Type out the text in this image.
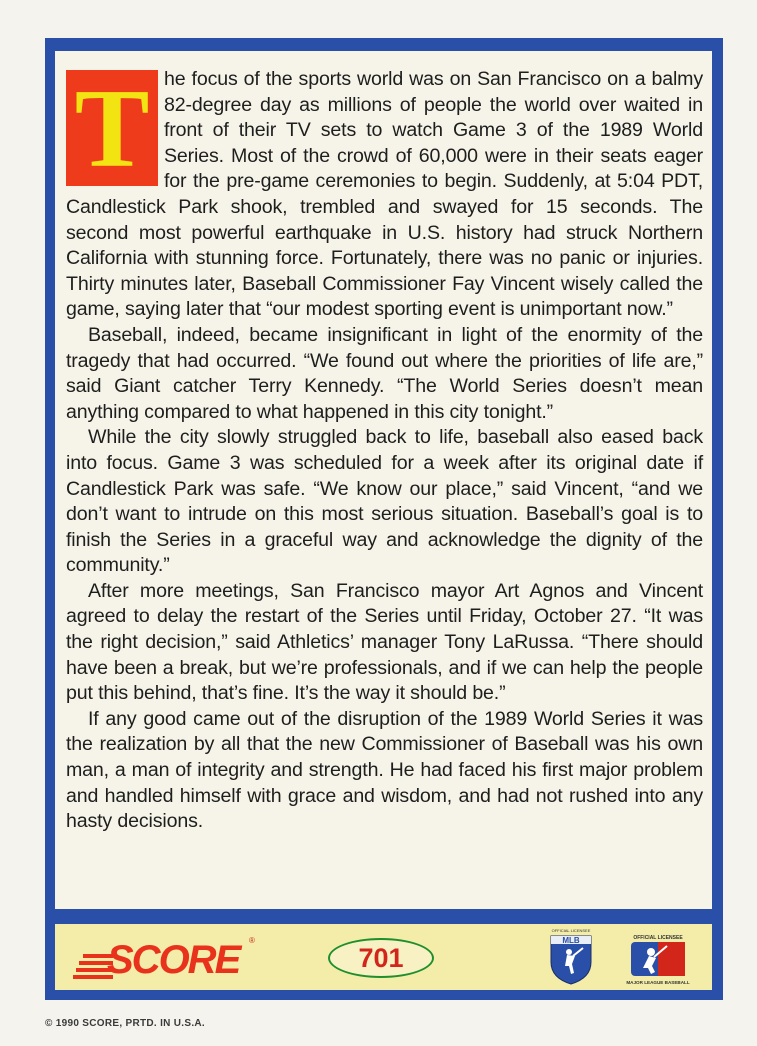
T he focus of the sports world was on San Francisco on a balmy 82-degree day as millions of people the world over waited in front of their TV sets to watch Game 3 of the 1989 World Series. Most of the crowd of 60,000 were in their seats eager for the pre-game ceremonies to begin. Suddenly, at 5:04 PDT, Candlestick Park shook, trembled and swayed for 15 seconds. The second most powerful earthquake in U.S. history had struck Northern California with stunning force. Fortunately, there was no panic or injuries. Thirty minutes later, Baseball Commissioner Fay Vincent wisely called the game, saying later that “our modest sporting event is unimportant now.”

Baseball, indeed, became insignificant in light of the enormity of the tragedy that had occurred. “We found out where the priorities of life are,” said Giant catcher Terry Kennedy. “The World Series doesn’t mean anything compared to what happened in this city tonight.”

While the city slowly struggled back to life, baseball also eased back into focus. Game 3 was scheduled for a week after its original date if Candlestick Park was safe. “We know our place,” said Vincent, “and we don’t want to intrude on this most serious situation. Baseball’s goal is to finish the Series in a graceful way and acknowledge the dignity of the community.”

After more meetings, San Francisco mayor Art Agnos and Vincent agreed to delay the restart of the Series until Friday, October 27. “It was the right decision,” said Athletics’ manager Tony LaRussa. “There should have been a break, but we’re professionals, and if we can help the people put this behind, that’s fine. It’s the way it should be.”

If any good came out of the disruption of the 1989 World Series it was the realization by all that the new Commissioner of Baseball was his own man, a man of integrity and strength. He had faced his first major problem and handled himself with grace and wisdom, and had not rushed into any hasty decisions.

SCORE ®
701
OFFICIAL LICENSEE
MLB	OFFICIAL LICENSEE
MAJOR LEAGUE BASEBALL
© 1990 SCORE, PRTD. IN U.S.A.
